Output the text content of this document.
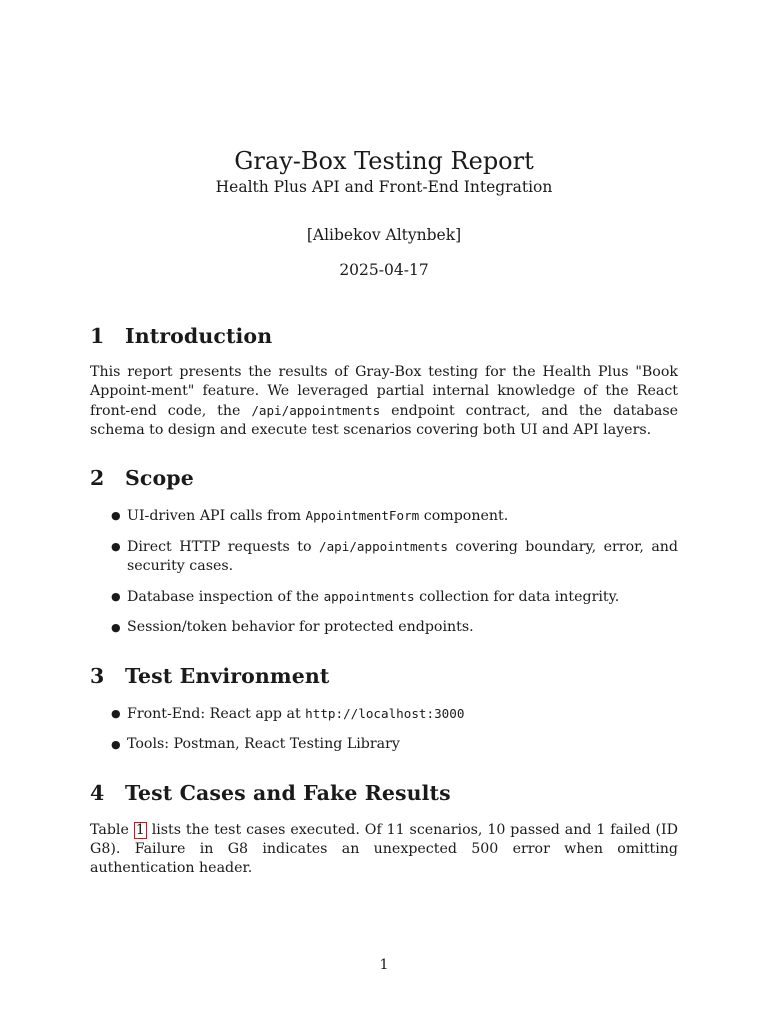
Gray-Box Testing Report
Health Plus API and Front-End Integration
[Alibekov Altynbek]
2025-04-17
1 Introduction
This report presents the results of Gray-Box testing for the Health Plus "Book Appoint-ment" feature. We leveraged partial internal knowledge of the React front-end code, the /api/appointments endpoint contract, and the database schema to design and execute test scenarios covering both UI and API layers.
2 Scope
● UI-driven API calls from AppointmentForm component.
● Direct HTTP requests to /api/appointments covering boundary, error, and security cases.
● Database inspection of the appointments collection for data integrity.
● Session/token behavior for protected endpoints.
3 Test Environment
● Front-End: React app at http://localhost:3000
● Tools: Postman, React Testing Library
4 Test Cases and Fake Results
Table 1 lists the test cases executed. Of 11 scenarios, 10 passed and 1 failed (ID G8). Failure in G8 indicates an unexpected 500 error when omitting authentication header.
1
